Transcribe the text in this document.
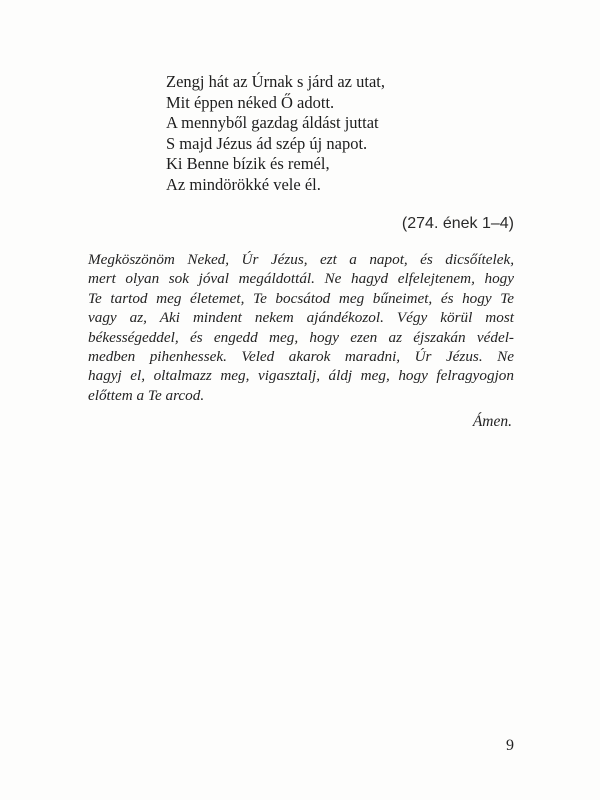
Zengj hát az Úrnak s járd az utat,
Mit éppen néked Ő adott.
A mennyből gazdag áldást juttat
S majd Jézus ád szép új napot.
Ki Benne bízik és remél,
Az mindörökké vele él.
(274. ének 1–4)
Megköszönöm Neked, Úr Jézus, ezt a napot, és dicsőítelek,
mert olyan sok jóval megáldottál. Ne hagyd elfelejtenem, hogy
Te tartod meg életemet, Te bocsátod meg bűneimet, és hogy Te
vagy az, Aki mindent nekem ajándékozol. Végy körül most
békességeddel, és engedd meg, hogy ezen az éjszakán védel-
medben pihenhessek. Veled akarok maradni, Úr Jézus. Ne
hagyj el, oltalmazz meg, vigasztalj, áldj meg, hogy felragyogjon
előttem a Te arcod.
Ámen.
9
